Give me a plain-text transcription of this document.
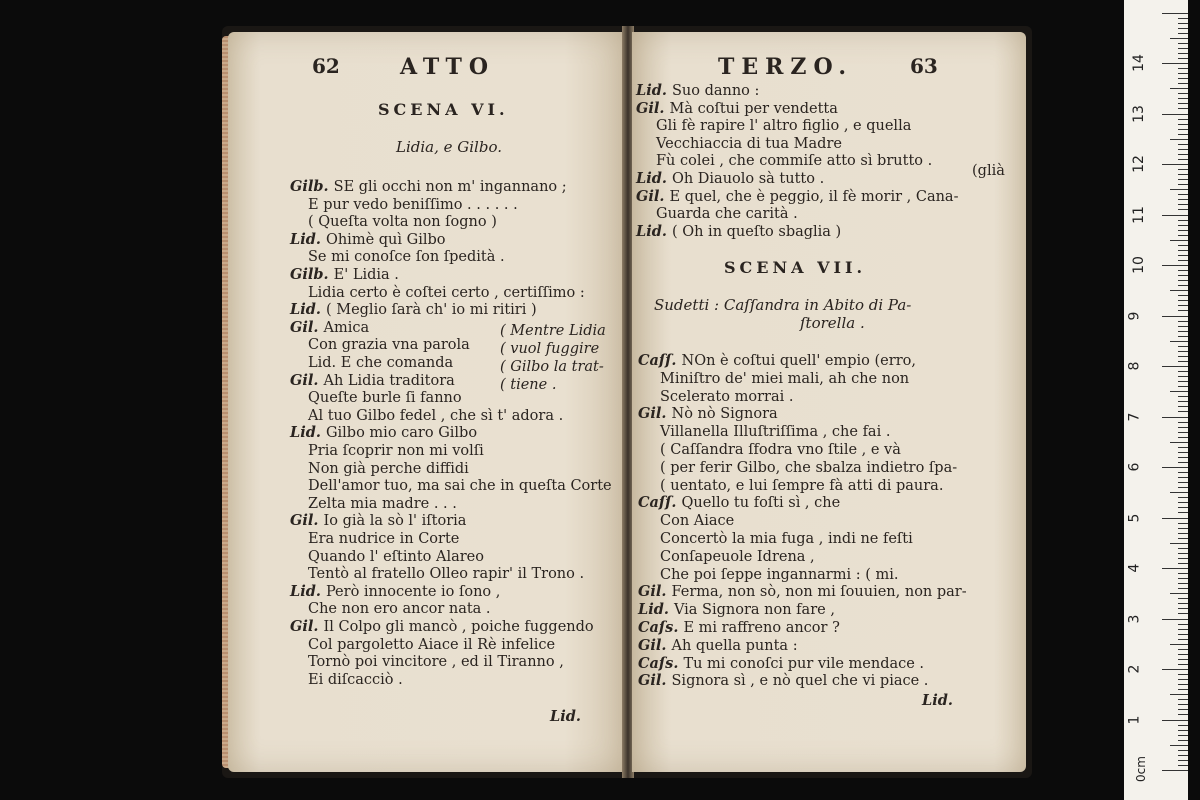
62	ATTO
SCENA VI.
Lidia, e Gilbo.
Gilb. SE gli occhi non m' ingannano ;
E pur vedo beniſſimo . . . . . .
( Queſta volta non ſogno )
Lid. Ohimè quì Gilbo
Se mi conoſce ſon ſpedità .
Gilb. E' Lidia .
Lidia certo è coſtei certo , certiſſimo :
Lid. ( Meglio ſarà ch' io mi ritiri )
Gil. Amica
Con grazia vna parola
Lid. E che comanda
Gil. Ah Lidia traditora
Queſte burle ſi fanno
Al tuo Gilbo fedel , che sì t' adora .
Lid. Gilbo mio caro Gilbo
Pria ſcoprir non mi volſi
Non già perche diffidi
Dell'amor tuo, ma sai che in queſta Corte
Zelta mia madre . . .
Gil. Io già la sò l' iſtoria
Era nudrice in Corte
Quando l' eſtinto Alareo
Tentò al fratello Olleo rapir' il Trono .
Lid. Però innocente io ſono ,
Che non ero ancor nata .
Gil. Il Colpo gli mancò , poiche fuggendo
Col pargoletto Aiace il Rè infelice
Tornò poi vincitore , ed il Tiranno ,
Ei diſcacciò .
( Mentre Lidia
( vuol fuggire
( Gilbo la trat-
( tiene .
Lid.
TERZO.	63
Lid. Suo danno :
Gil. Mà coſtui per vendetta
Gli fè rapire l' altro figlio , e quella
Vecchiaccia di tua Madre
Fù colei , che commiſe atto sì brutto .
Lid. Oh Diauolo sà tutto .
Gil. E quel, che è peggio, il fè morir , Cana-
Guarda che carità .
Lid. ( Oh in queſto sbaglia )
(glià
SCENA VII.
Sudetti : Caſſandra in Abito di Pa-
ſtorella .
Caſſ. NOn è coſtui quell' empio (erro,
Miniſtro de' miei mali, ah che non
Scelerato morrai .
Gil. Nò nò Signora
Villanella Illuſtriſſima , che fai .
( Caſſandra ſfodra vno ſtile , e và
( per ferir Gilbo, che sbalza indietro ſpa-
( uentato, e lui ſempre fà atti di paura.
Caſſ. Quello tu foſti sì , che
Con Aiace
Concertò la mia fuga , indi ne feſti
Conſapeuole Idrena ,
Che poi ſeppe ingannarmi : ( mi.
Gil. Ferma, non sò, non mi ſouuien, non par-
Lid. Via Signora non fare ,
Caſs. E mi raffreno ancor ?
Gil. Ah quella punta :
Caſs. Tu mi conoſci pur vile mendace .
Gil. Signora sì , e nò quel che vi piace .
Lid.
0cm
14
13
12
11
10
9
8
7
6
5
4
3
2
1
